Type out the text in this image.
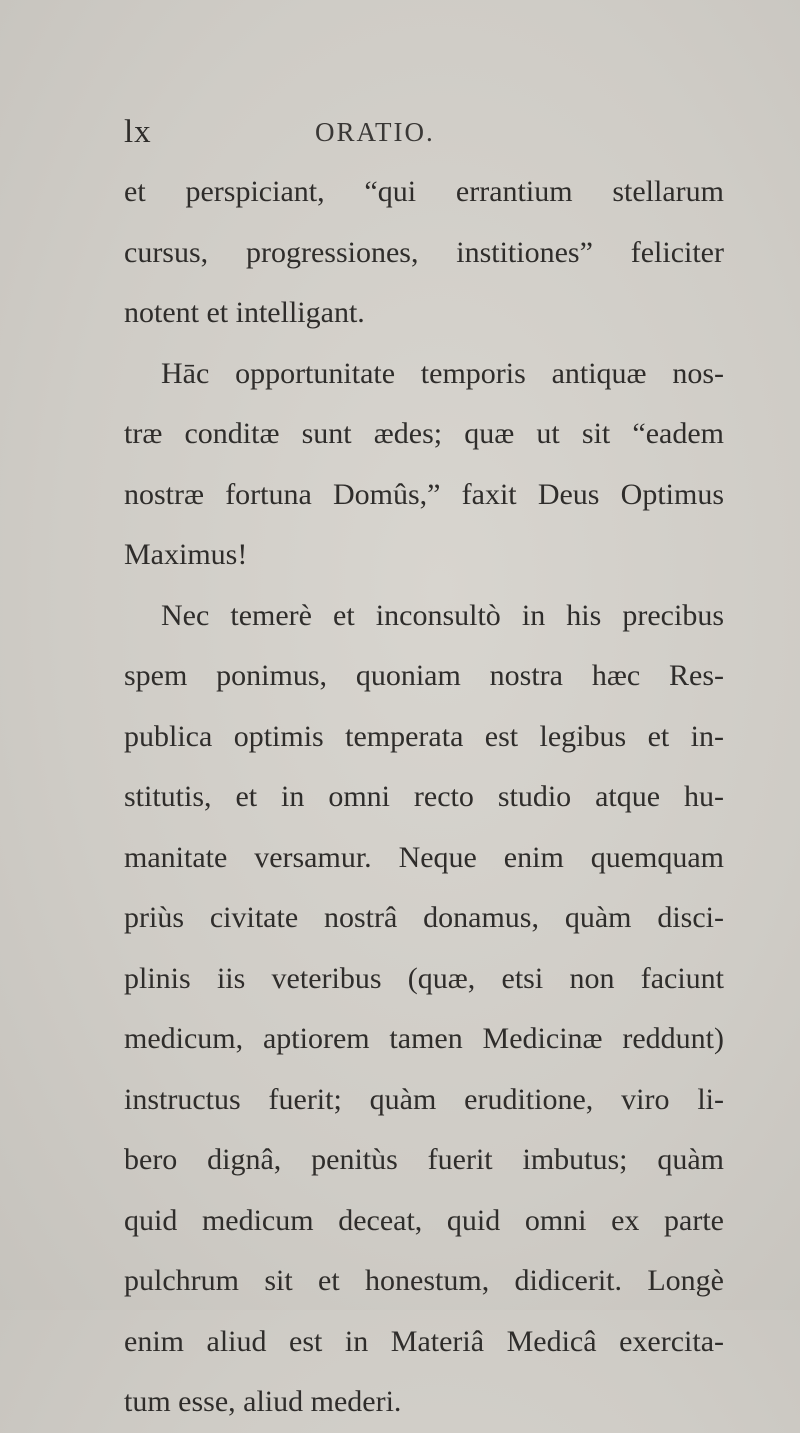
lx	ORATIO.
et perspiciant, “qui errantium stellarum
cursus, progressiones, institiones” feliciter
notent et intelligant.
Hāc opportunitate temporis antiquæ nos-
træ conditæ sunt ædes; quæ ut sit “eadem
nostræ fortuna Domûs,” faxit Deus Optimus
Maximus!
Nec temerè et inconsultò in his precibus
spem ponimus, quoniam nostra hæc Res-
publica optimis temperata est legibus et in-
stitutis, et in omni recto studio atque hu-
manitate versamur. Neque enim quemquam
priùs civitate nostrâ donamus, quàm disci-
plinis iis veteribus (quæ, etsi non faciunt
medicum, aptiorem tamen Medicinæ reddunt)
instructus fuerit; quàm eruditione, viro li-
bero dignâ, penitùs fuerit imbutus; quàm
quid medicum deceat, quid omni ex parte
pulchrum sit et honestum, didicerit. Longè
enim aliud est in Materiâ Medicâ exercita-
tum esse, aliud mederi.
